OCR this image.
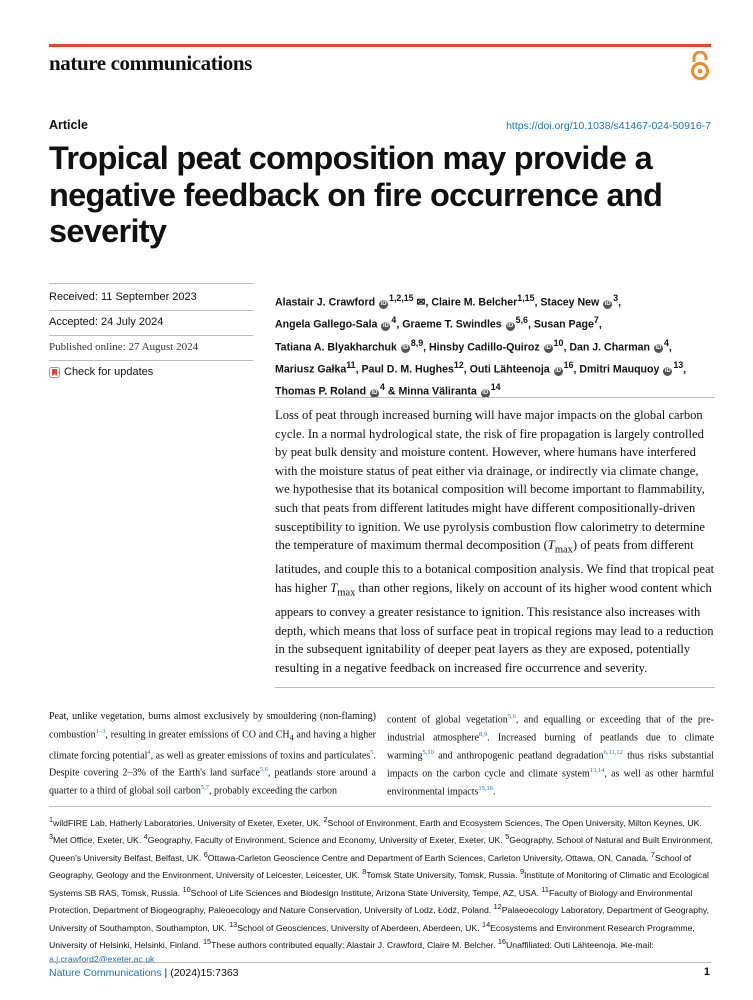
nature communications
Article	https://doi.org/10.1038/s41467-024-50916-7
Tropical peat composition may provide a negative feedback on fire occurrence and severity
Received: 11 September 2023
Accepted: 24 July 2024
Published online: 27 August 2024
Check for updates
Alastair J. Crawford iD$^{1,2,15}$ ✉, Claire M. Belcher$^{1,15}$, Stacey New $iD^3$,
Angela Gallego-Sala $iD^4$, Graeme T. Swindles iD$^{5,6}$, Susan Page$^7$,
Tatiana A. Blyakharchuk iD$^{8,9}$, Hinsby Cadillo-Quiroz $iD^{10}$, Dan J. Charman $iD^4$,
Mariusz Gałka$^{11}$, Paul D. M. Hughes$^{12}$, Outi Lähteenoja $iD^{16}$, Dmitri Mauquoy $iD^{13}$,
Thomas P. Roland $iD^4$ & Minna Väliranta $iD^{14}$
Loss of peat through increased burning will have major impacts on the global carbon cycle. In a normal hydrological state, the risk of fire propagation is largely controlled by peat bulk density and moisture content. However, where humans have interfered with the moisture status of peat either via drainage, or indirectly via climate change, we hypothesise that its botanical composition will become important to flammability, such that peats from different latitudes might have different compositionally-driven susceptibility to ignition. We use pyrolysis combustion flow calorimetry to determine the temperature of maximum thermal decomposition $(T_{max})$ of peats from different latitudes, and couple this to a botanical composition analysis. We find that tropical peat has higher $T_{max}$ than other regions, likely on account of its higher wood content which appears to convey a greater resistance to ignition. This resistance also increases with depth, which means that loss of surface peat in tropical regions may lead to a reduction in the subsequent ignitability of deeper peat layers as they are exposed, potentially resulting in a negative feedback on increased fire occurrence and severity.
Peat, unlike vegetation, burns almost exclusively by smouldering (non-flaming) combustion$^{1-3}$, resulting in greater emissions of CO and $CH_4$ and having a higher climate forcing potential$^4$, as well as greater emissions of toxins and particulates$^5$. Despite covering 2–3% of the Earth's land surface$^{5,6}$, peatlands store around a quarter to a third of global soil carbon$^{5,7}$, probably exceeding the carbon
content of global vegetation$^{5,6}$, and equalling or exceeding that of the pre-industrial atmosphere$^{8,9}$. Increased burning of peatlands due to climate warming$^{5,10}$ and anthropogenic peatland degradation$^{6,11,12}$ thus risks substantial impacts on the carbon cycle and climate system$^{13,14}$, as well as other harmful environmental impacts$^{15,16}$.
$^1$wildFIRE Lab, Hatherly Laboratories, University of Exeter, Exeter, UK. $^2$School of Environment, Earth and Ecosystem Sciences, The Open University, Milton Keynes, UK. $^3$Met Office, Exeter, UK. $^4$Geography, Faculty of Environment, Science and Economy, University of Exeter, Exeter, UK. $^5$Geography, School of Natural and Built Environment, Queen's University Belfast, Belfast, UK. $^6$Ottawa-Carleton Geoscience Centre and Department of Earth Sciences, Carleton University, Ottawa, ON, Canada. $^7$School of Geography, Geology and the Environment, University of Leicester, Leicester, UK. $^8$Tomsk State University, Tomsk, Russia. $^9$Institute of Monitoring of Climatic and Ecological Systems SB RAS, Tomsk, Russia. $^{10}$School of Life Sciences and Biodesign Institute, Arizona State University, Tempe, AZ, USA. $^{11}$Faculty of Biology and Environmental Protection, Department of Biogeography, Paleoecology and Nature Conservation, University of Lodz, Łódź, Poland. $^{12}$Palaeoecology Laboratory, Department of Geography, University of Southampton, Southampton, UK. $^{13}$School of Geosciences, University of Aberdeen, Aberdeen, UK. $^{14}$Ecosystems and Environment Research Programme, University of Helsinki, Helsinki, Finland. $^{15}$These authors contributed equally: Alastair J. Crawford, Claire M. Belcher. $^{16}$Unaffiliated: Outi Lähteenoja. ✉e-mail: a.j.crawford2@exeter.ac.uk
Nature Communications | (2024)15:7363	1
